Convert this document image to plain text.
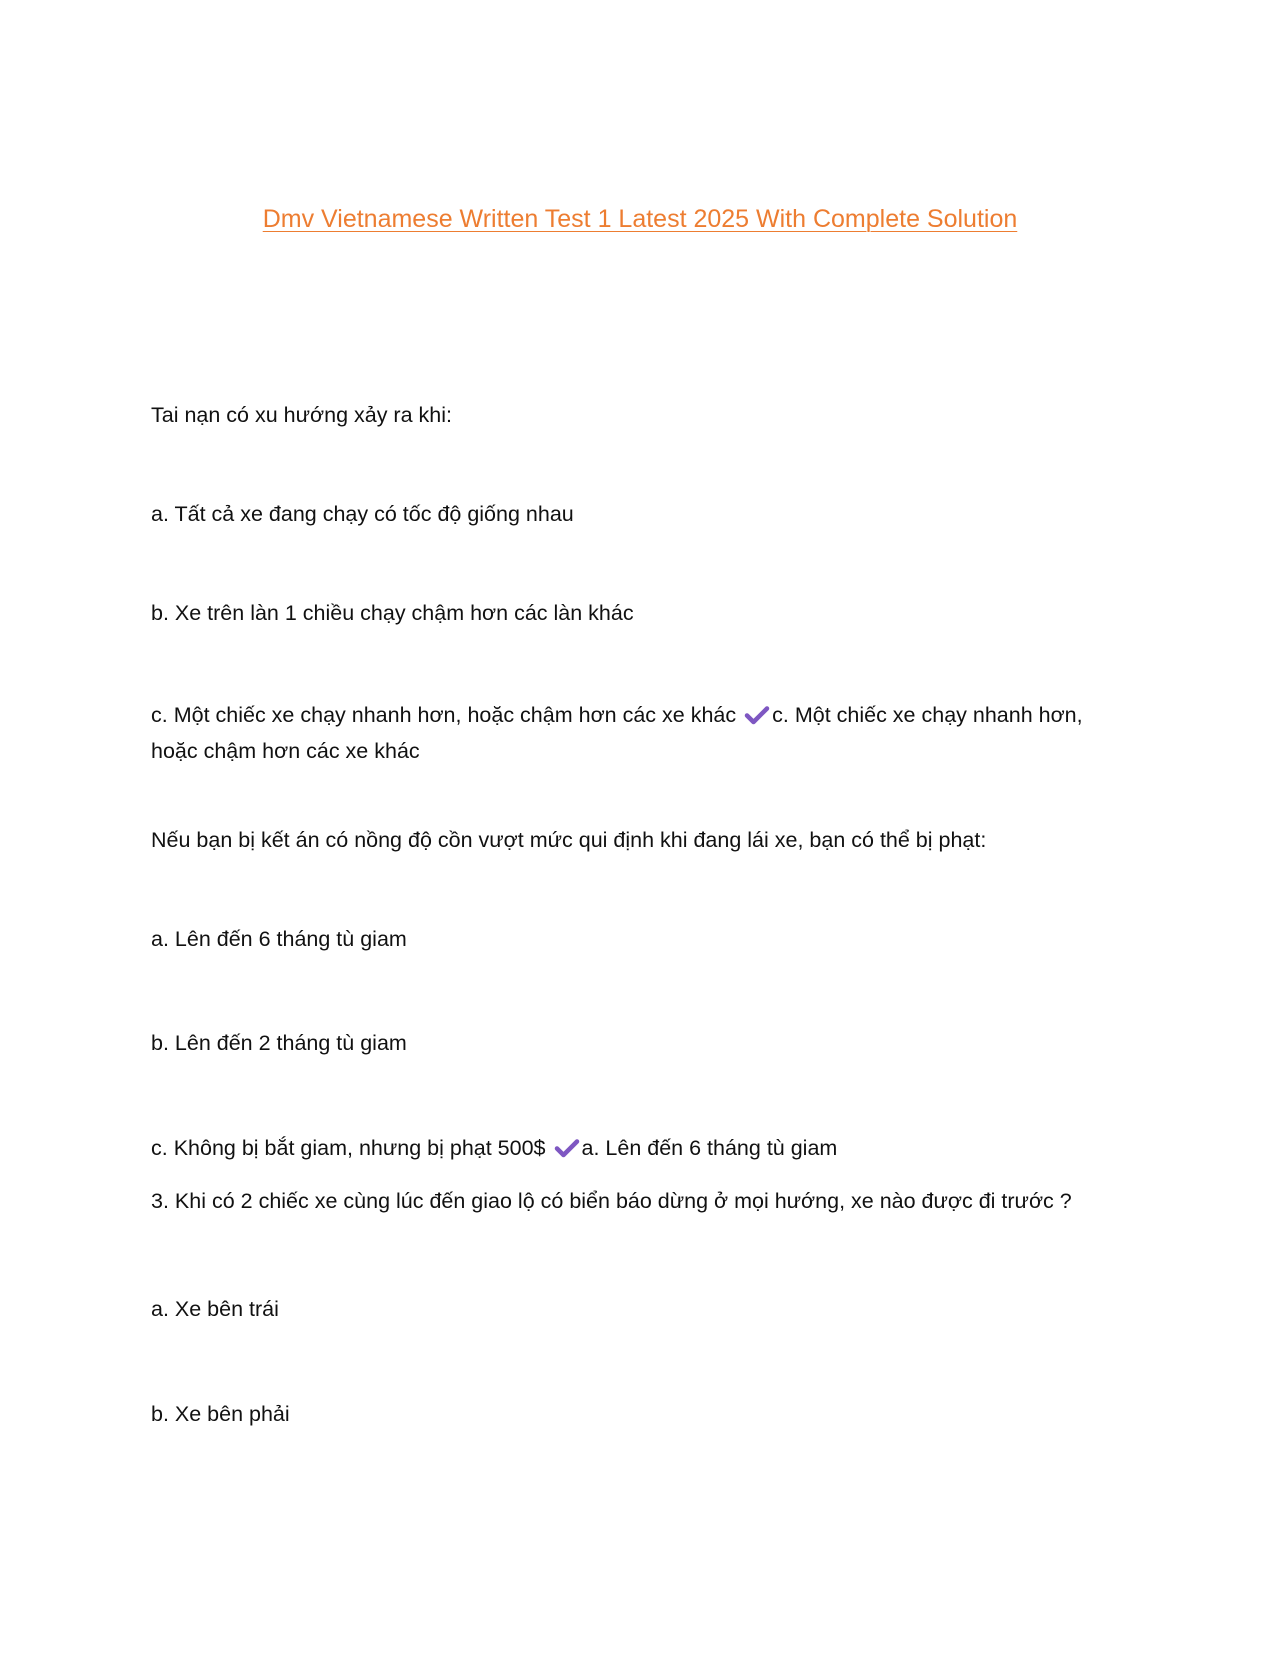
Dmv Vietnamese Written Test 1 Latest 2025 With Complete Solution
Tai nạn có xu hướng xảy ra khi:
a. Tất cả xe đang chạy có tốc độ giống nhau
b. Xe trên làn 1 chiều chạy chậm hơn các làn khác
c. Một chiếc xe chạy nhanh hơn, hoặc chậm hơn các xe khác c. Một chiếc xe chạy nhanh hơn, hoặc chậm hơn các xe khác
Nếu bạn bị kết án có nồng độ cồn vượt mức qui định khi đang lái xe, bạn có thể bị phạt:
a. Lên đến 6 tháng tù giam
b. Lên đến 2 tháng tù giam
c. Không bị bắt giam, nhưng bị phạt 500$ a. Lên đến 6 tháng tù giam
3. Khi có 2 chiếc xe cùng lúc đến giao lộ có biển báo dừng ở mọi hướng, xe nào được đi trước ?
a. Xe bên trái
b. Xe bên phải
